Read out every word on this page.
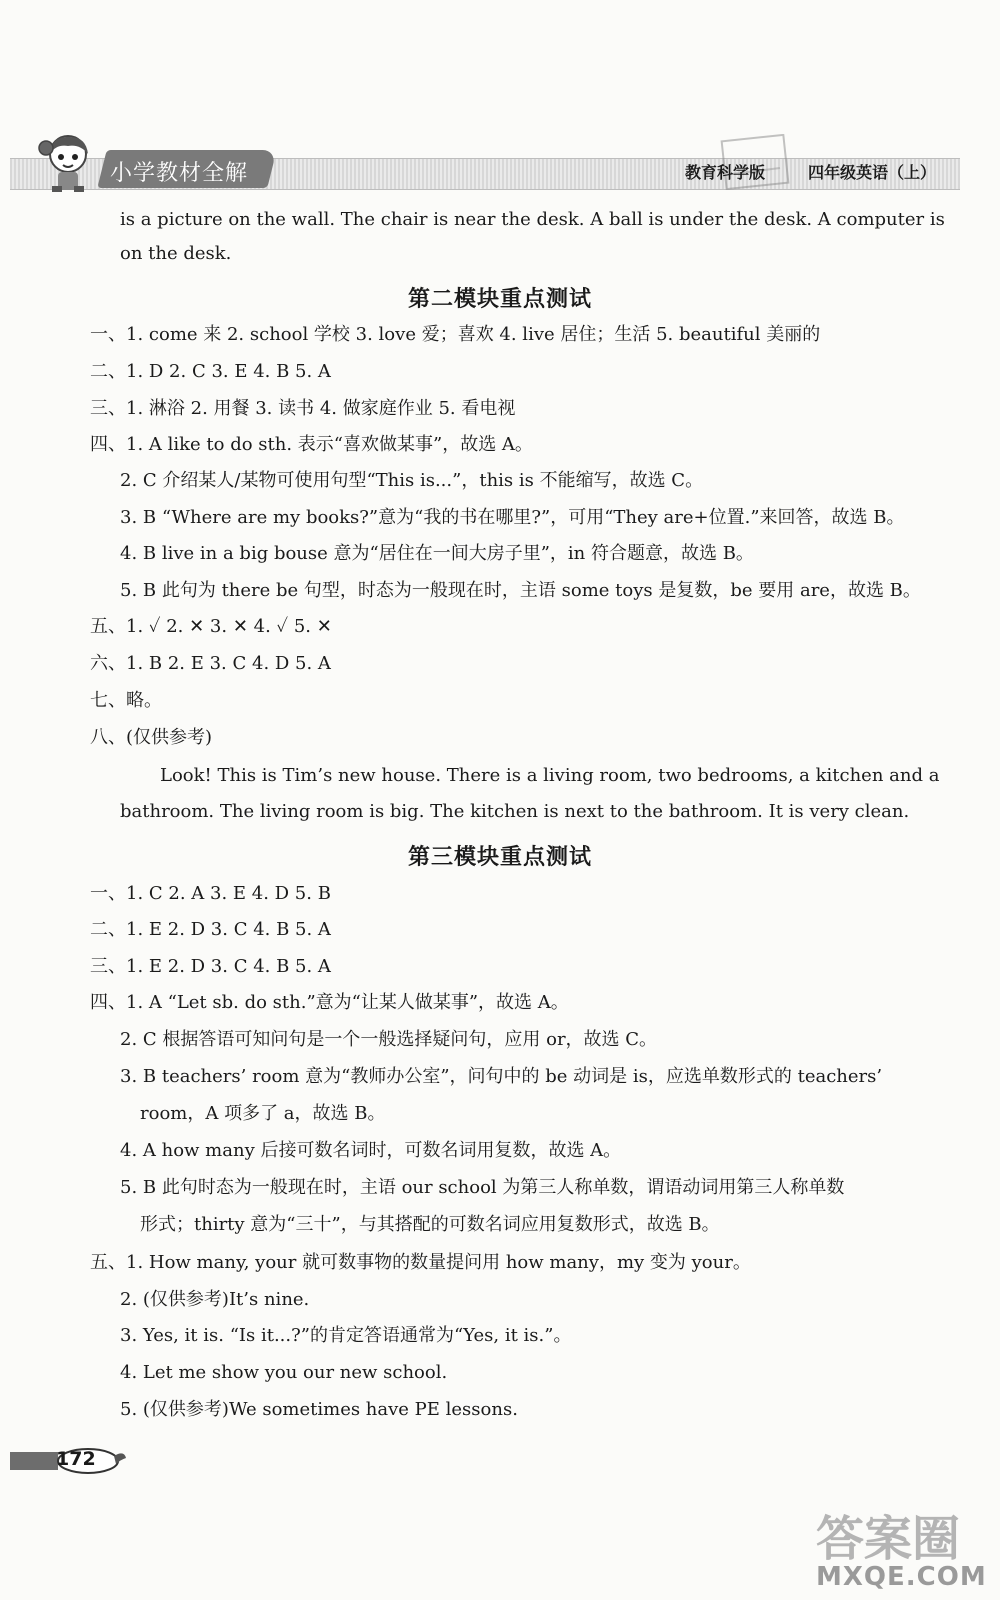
小学教材全解	教育科学版	四年级英语（上）
is a picture on the wall. The chair is near the desk. A ball is under the desk. A computer is
on the desk.
第二模块重点测试
一、1. come 来 2. school 学校 3. love 爱；喜欢 4. live 居住；生活 5. beautiful 美丽的
二、1. D 2. C 3. E 4. B 5. A
三、1. 淋浴 2. 用餐 3. 读书 4. 做家庭作业 5. 看电视
四、1. A like to do sth. 表示“喜欢做某事”，故选 A。
2. C 介绍某人/某物可使用句型“This is...”，this is 不能缩写，故选 C。
3. B “Where are my books?”意为“我的书在哪里?”，可用“They are+位置.”来回答，故选 B。
4. B live in a big bouse 意为“居住在一间大房子里”，in 符合题意，故选 B。
5. B 此句为 there be 句型，时态为一般现在时，主语 some toys 是复数，be 要用 are，故选 B。
五、1. ✓ 2. ✕ 3. ✕ 4. ✓ 5. ✕
六、1. B 2. E 3. C 4. D 5. A
七、略。
八、(仅供参考)
Look! This is Tim’s new house. There is a living room, two bedrooms, a kitchen and a
bathroom. The living room is big. The kitchen is next to the bathroom. It is very clean.
第三模块重点测试
一、1. C 2. A 3. E 4. D 5. B
二、1. E 2. D 3. C 4. B 5. A
三、1. E 2. D 3. C 4. B 5. A
四、1. A “Let sb. do sth.”意为“让某人做某事”，故选 A。
2. C 根据答语可知问句是一个一般选择疑问句，应用 or，故选 C。
3. B teachers’ room 意为“教师办公室”，问句中的 be 动词是 is，应选单数形式的 teachers’
room，A 项多了 a，故选 B。
4. A how many 后接可数名词时，可数名词用复数，故选 A。
5. B 此句时态为一般现在时，主语 our school 为第三人称单数，谓语动词用第三人称单数
形式；thirty 意为“三十”，与其搭配的可数名词应用复数形式，故选 B。
五、1. How many, your 就可数事物的数量提问用 how many，my 变为 your。
2. (仅供参考)It’s nine.
3. Yes, it is. “Is it...?”的肯定答语通常为“Yes, it is.”。
4. Let me show you our new school.
5. (仅供参考)We sometimes have PE lessons.
172
答案圈
MXQE.COM
